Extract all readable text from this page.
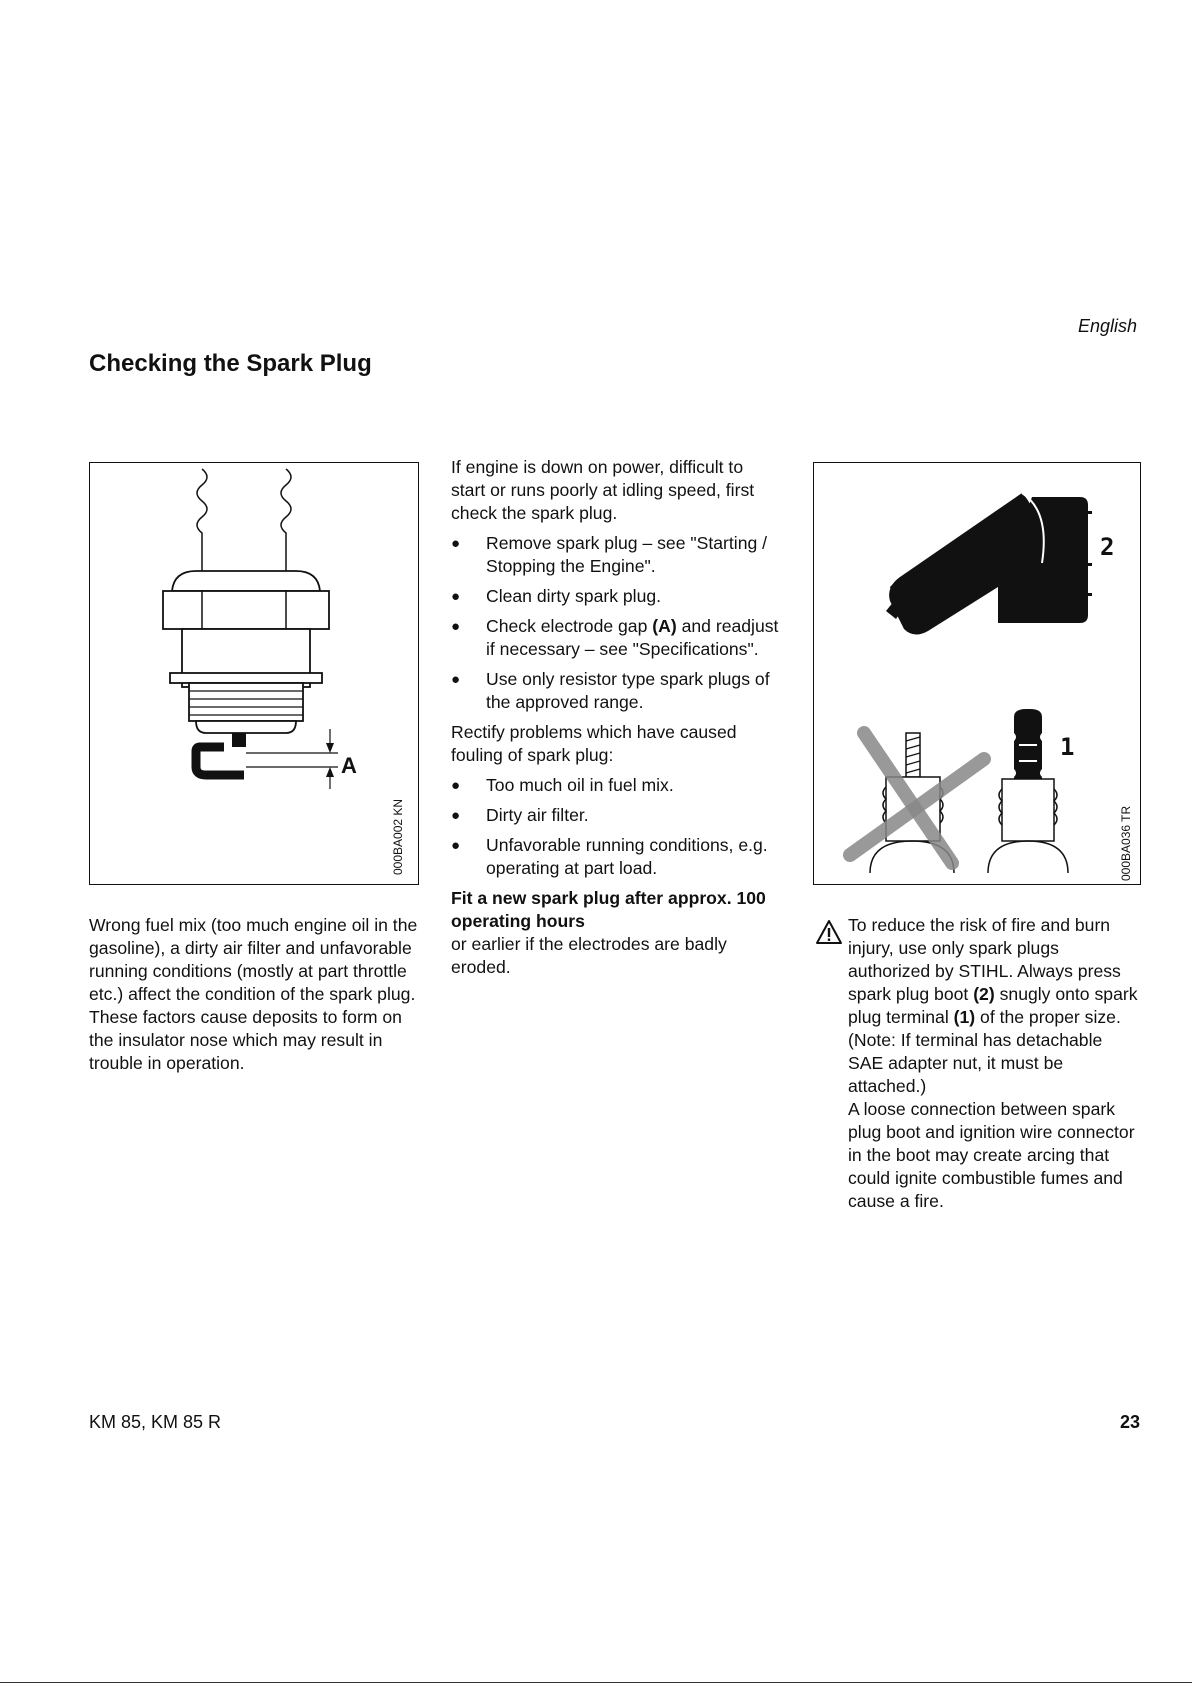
English
Checking the Spark Plug
A
000BA002 KN
2
1
000BA036 TR

Wrong fuel mix (too much engine oil in the gasoline), a dirty air filter and unfavorable running conditions (mostly at part throttle etc.) affect the condition of the spark plug. These factors cause deposits to form on the insulator nose which may result in trouble in operation.

If engine is down on power, difficult to start or runs poorly at idling speed, first check the spark plug.

● Remove spark plug – see "Starting / Stopping the Engine".
● Clean dirty spark plug.
● Check electrode gap (A) and readjust if necessary – see "Specifications".
● Use only resistor type spark plugs of the approved range.

Rectify problems which have caused fouling of spark plug:

● Too much oil in fuel mix.
● Dirty air filter.
● Unfavorable running conditions, e.g. operating at part load.

Fit a new spark plug after approx. 100 operating hours

or earlier if the electrodes are badly eroded.

To reduce the risk of fire and burn injury, use only spark plugs authorized by STIHL. Always press spark plug boot (2) snugly onto spark plug terminal (1) of the proper size. (Note: If terminal has detachable SAE adapter nut, it must be attached.)

A loose connection between spark plug boot and ignition wire connector in the boot may create arcing that could ignite combustible fumes and cause a fire.

KM 85, KM 85 R	23
